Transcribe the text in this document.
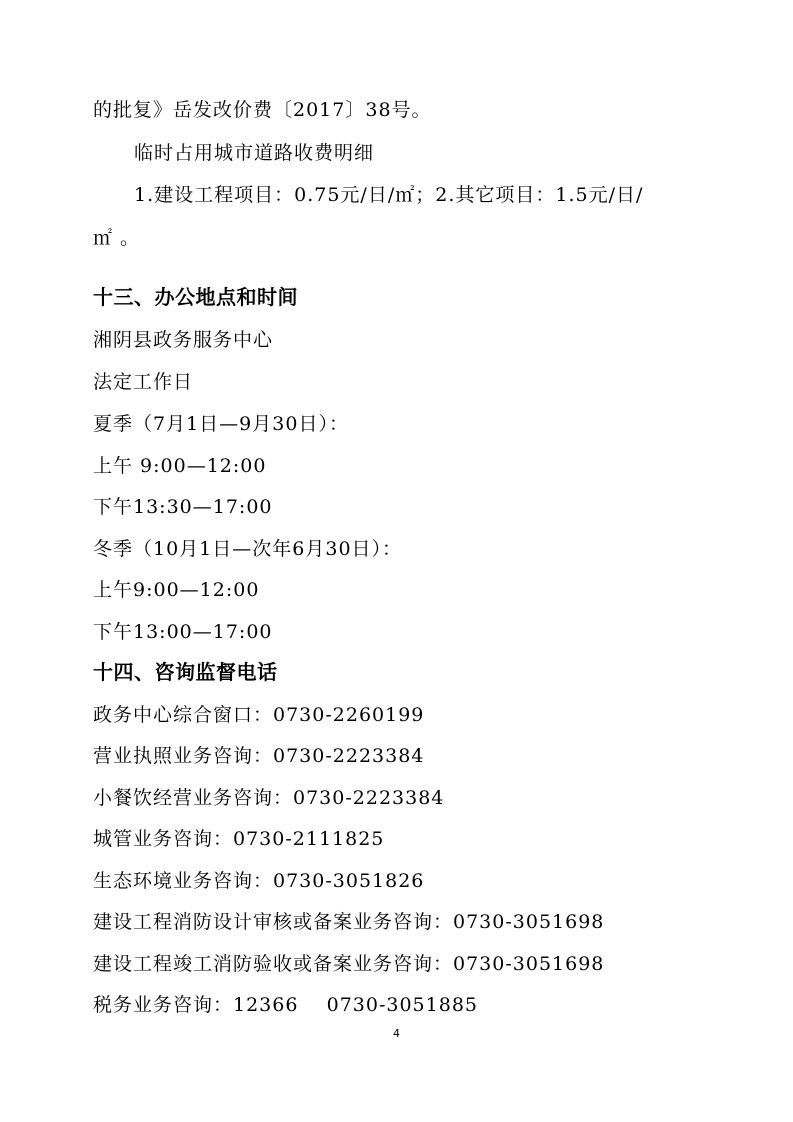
的批复》岳发改价费〔2017〕38号。
临时占用城市道路收费明细
1.建设工程项目：0.75元/日/㎡；2.其它项目：1.5元/日/
㎡ 。
十三、办公地点和时间
湘阴县政务服务中心
法定工作日
夏季（7月1日—9月30日）：
上午 9:00—12:00
下午13:30—17:00
冬季（10月1日—次年6月30日）：
上午9:00—12:00
下午13:00—17:00
十四、咨询监督电话
政务中心综合窗口：0730-2260199
营业执照业务咨询：0730-2223384
小餐饮经营业务咨询：0730-2223384
城管业务咨询：0730-2111825
生态环境业务咨询：0730-3051826
建设工程消防设计审核或备案业务咨询：0730-3051698
建设工程竣工消防验收或备案业务咨询：0730-3051698
税务业务咨询：12366    0730-3051885
4
